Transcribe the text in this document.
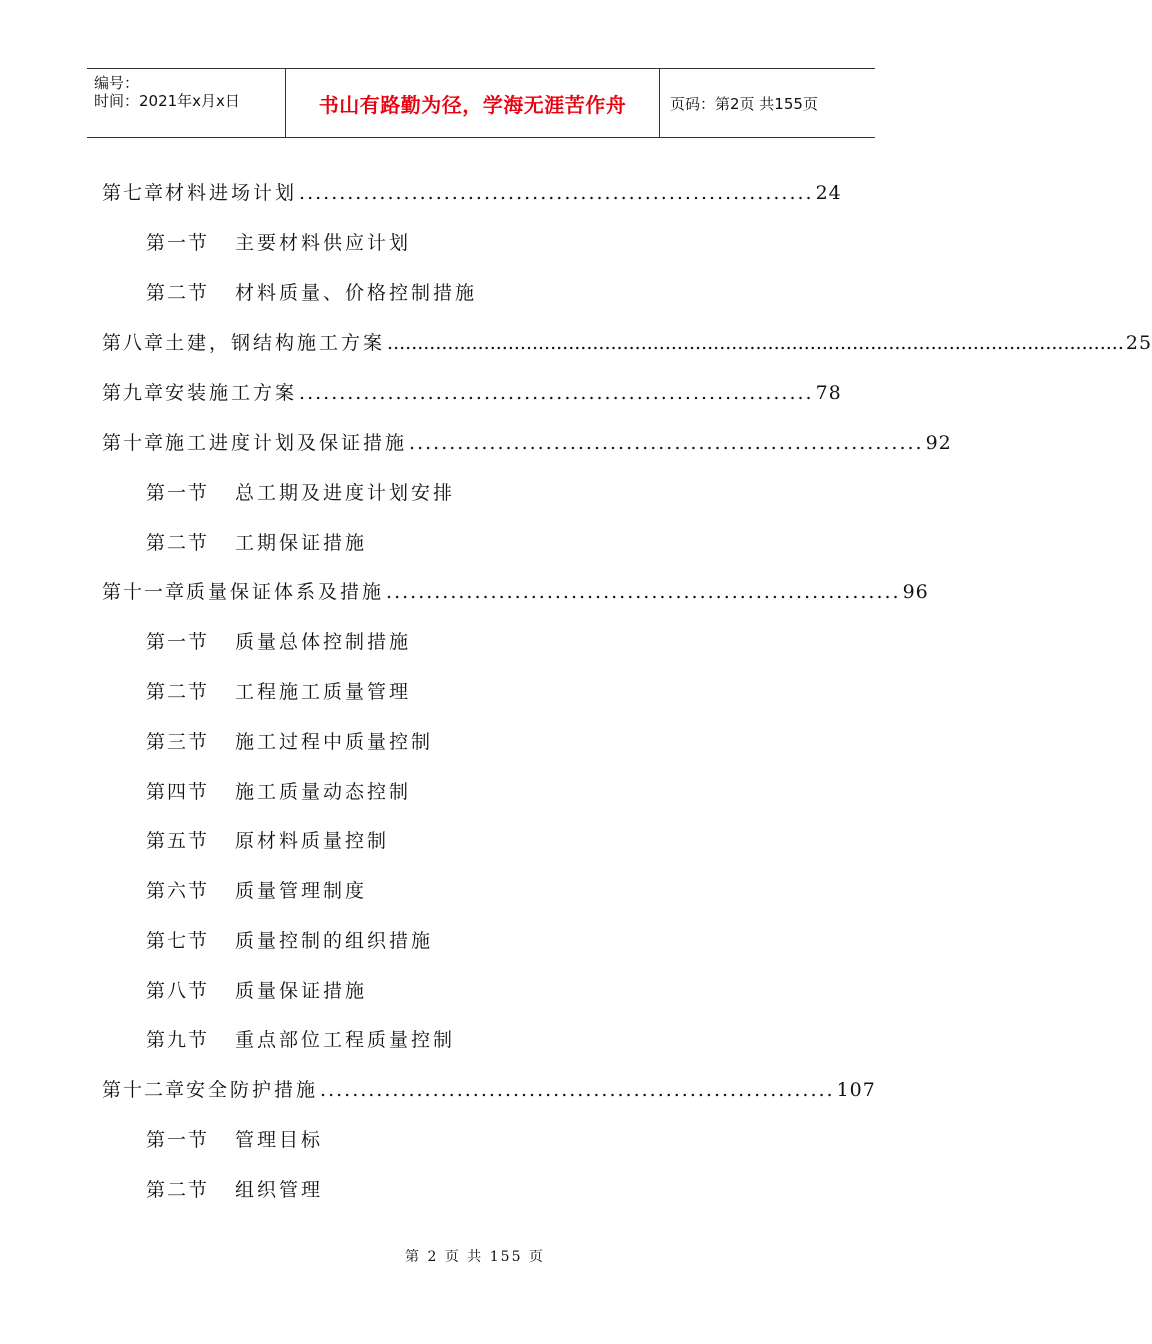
编号：
时间：2021年x月x日	书山有路勤为径，学海无涯苦作舟	页码：第2页 共155页
第七章 材料进场计划 ................................................................ 24
第一节 主要材料供应计划
第二节 材料质量、价格控制措施
第八章 土建，钢结构施工方案 .......................................................................................................................... 25
第九章 安装施工方案 ................................................................ 78
第十章 施工进度计划及保证措施 ................................................................ 92
第一节 总工期及进度计划安排
第二节 工期保证措施
第十一章 质量保证体系及措施 ................................................................ 96
第一节 质量总体控制措施
第二节 工程施工质量管理
第三节 施工过程中质量控制
第四节 施工质量动态控制
第五节 原材料质量控制
第六节 质量管理制度
第七节 质量控制的组织措施
第八节 质量保证措施
第九节 重点部位工程质量控制
第十二章 安全防护措施 ................................................................ 107
第一节 管理目标
第二节 组织管理
第 2 页 共 155 页
